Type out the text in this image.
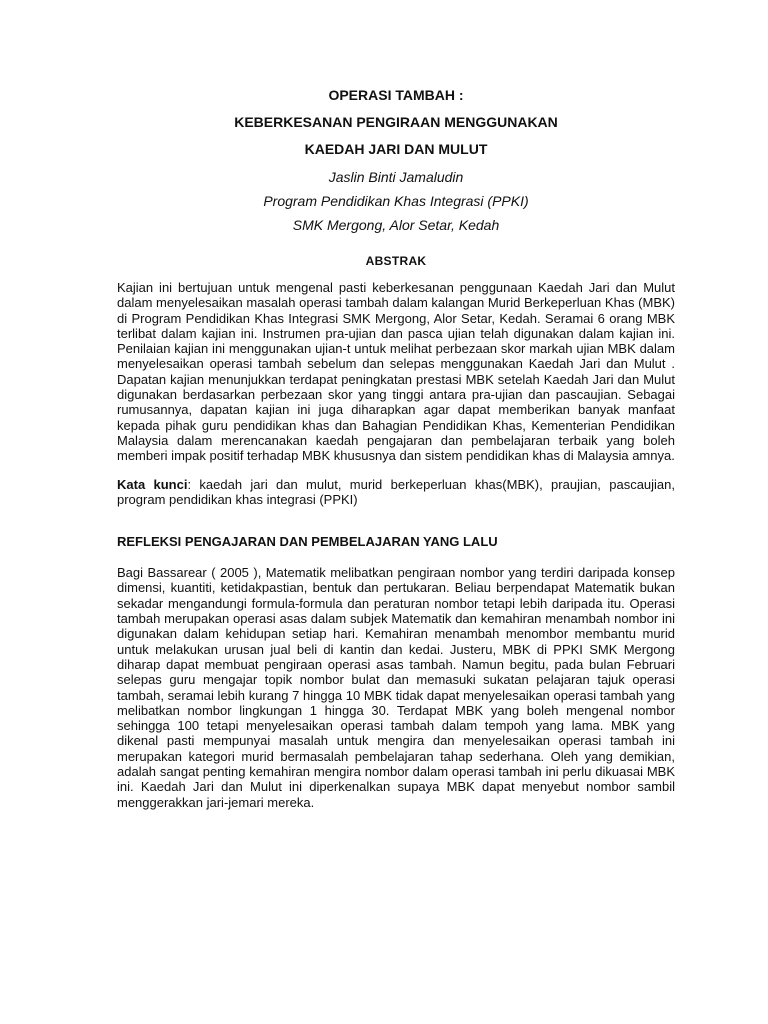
OPERASI TAMBAH :

KEBERKESANAN PENGIRAAN MENGGUNAKAN

KAEDAH JARI DAN MULUT

Jaslin Binti Jamaludin

Program Pendidikan Khas Integrasi (PPKI)

SMK Mergong, Alor Setar, Kedah

ABSTRAK

Kajian ini bertujuan untuk mengenal pasti keberkesanan penggunaan Kaedah Jari dan Mulut dalam menyelesaikan masalah operasi tambah dalam kalangan Murid Berkeperluan Khas (MBK) di Program Pendidikan Khas Integrasi SMK Mergong, Alor Setar, Kedah. Seramai 6 orang MBK terlibat dalam kajian ini. Instrumen pra-ujian dan pasca ujian telah digunakan dalam kajian ini. Penilaian kajian ini menggunakan ujian-t untuk melihat perbezaan skor markah ujian MBK dalam menyelesaikan operasi tambah sebelum dan selepas menggunakan Kaedah Jari dan Mulut . Dapatan kajian menunjukkan terdapat peningkatan prestasi MBK setelah Kaedah Jari dan Mulut digunakan berdasarkan perbezaan skor yang tinggi antara pra-ujian dan pascaujian. Sebagai rumusannya, dapatan kajian ini juga diharapkan agar dapat memberikan banyak manfaat kepada pihak guru pendidikan khas dan Bahagian Pendidikan Khas, Kementerian Pendidikan Malaysia dalam merencanakan kaedah pengajaran dan pembelajaran terbaik yang boleh memberi impak positif terhadap MBK khususnya dan sistem pendidikan khas di Malaysia amnya.

Kata kunci: kaedah jari dan mulut, murid berkeperluan khas(MBK), praujian, pascaujian, program pendidikan khas integrasi (PPKI)

REFLEKSI PENGAJARAN DAN PEMBELAJARAN YANG LALU

Bagi Bassarear ( 2005 ), Matematik melibatkan pengiraan nombor yang terdiri daripada konsep dimensi, kuantiti, ketidakpastian, bentuk dan pertukaran. Beliau berpendapat Matematik bukan sekadar mengandungi formula-formula dan peraturan nombor tetapi lebih daripada itu. Operasi tambah merupakan operasi asas dalam subjek Matematik dan kemahiran menambah nombor ini digunakan dalam kehidupan setiap hari. Kemahiran menambah menombor membantu murid untuk melakukan urusan jual beli di kantin dan kedai. Justeru, MBK di PPKI SMK Mergong diharap dapat membuat pengiraan operasi asas tambah. Namun begitu, pada bulan Februari selepas guru mengajar topik nombor bulat dan memasuki sukatan pelajaran tajuk operasi tambah, seramai lebih kurang 7 hingga 10 MBK tidak dapat menyelesaikan operasi tambah yang melibatkan nombor lingkungan 1 hingga 30. Terdapat MBK yang boleh mengenal nombor sehingga 100 tetapi menyelesaikan operasi tambah dalam tempoh yang lama. MBK yang dikenal pasti mempunyai masalah untuk mengira dan menyelesaikan operasi tambah ini merupakan kategori murid bermasalah pembelajaran tahap sederhana. Oleh yang demikian, adalah sangat penting kemahiran mengira nombor dalam operasi tambah ini perlu dikuasai MBK ini. Kaedah Jari dan Mulut ini diperkenalkan supaya MBK dapat menyebut nombor sambil menggerakkan jari-jemari mereka.
